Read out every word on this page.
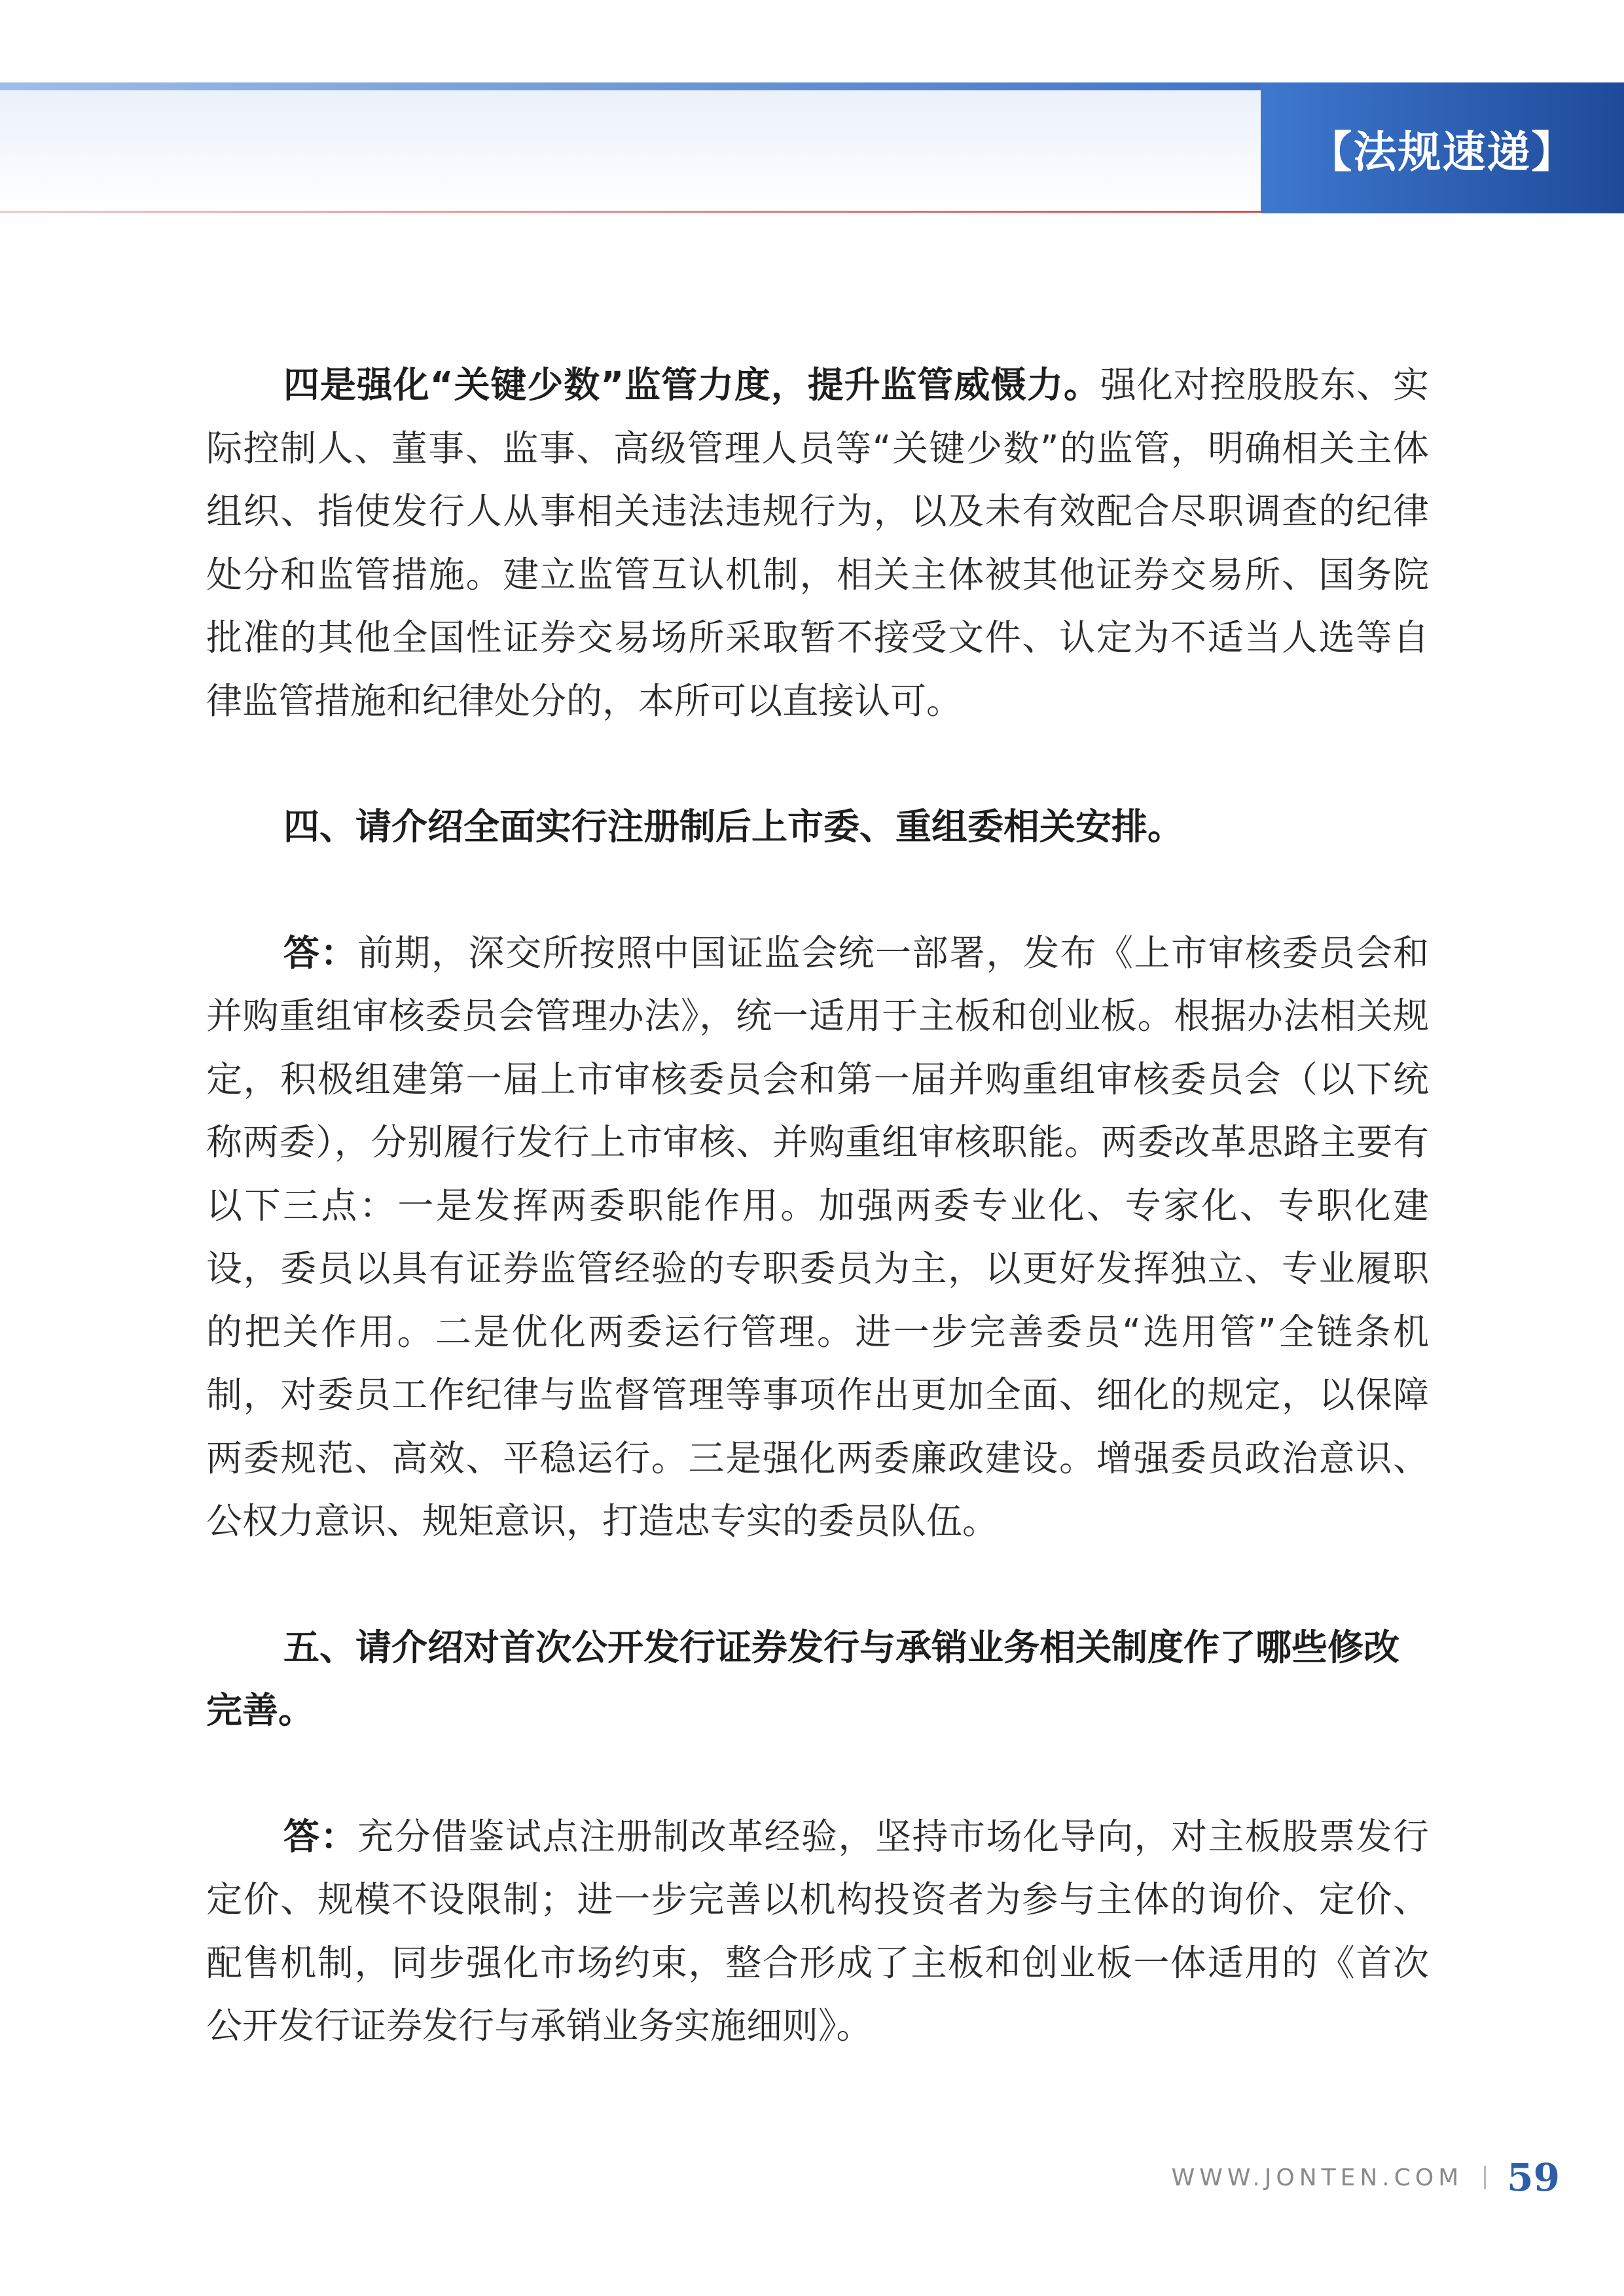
【法规速递】

四是强化“关键少数”监管力度，提升监管威慑力。强化对控股股东、实际控制人、董事、监事、高级管理人员等“关键少数”的监管，明确相关主体组织、指使发行人从事相关违法违规行为，以及未有效配合尽职调查的纪律处分和监管措施。建立监管互认机制，相关主体被其他证券交易所、国务院批准的其他全国性证券交易场所采取暂不接受文件、认定为不适当人选等自律监管措施和纪律处分的，本所可以直接认可。

四、请介绍全面实行注册制后上市委、重组委相关安排。

答：前期，深交所按照中国证监会统一部署，发布《上市审核委员会和并购重组审核委员会管理办法》，统一适用于主板和创业板。根据办法相关规定，积极组建第一届上市审核委员会和第一届并购重组审核委员会（以下统称两委），分别履行发行上市审核、并购重组审核职能。两委改革思路主要有以下三点：一是发挥两委职能作用。加强两委专业化、专家化、专职化建设，委员以具有证券监管经验的专职委员为主，以更好发挥独立、专业履职的把关作用。二是优化两委运行管理。进一步完善委员“选用管”全链条机制，对委员工作纪律与监督管理等事项作出更加全面、细化的规定，以保障两委规范、高效、平稳运行。三是强化两委廉政建设。增强委员政治意识、公权力意识、规矩意识，打造忠专实的委员队伍。

五、请介绍对首次公开发行证券发行与承销业务相关制度作了哪些修改完善。

答：充分借鉴试点注册制改革经验，坚持市场化导向，对主板股票发行定价、规模不设限制；进一步完善以机构投资者为参与主体的询价、定价、配售机制，同步强化市场约束，整合形成了主板和创业板一体适用的《首次公开发行证券发行与承销业务实施细则》。

WWW.JONTEN.COM 59
